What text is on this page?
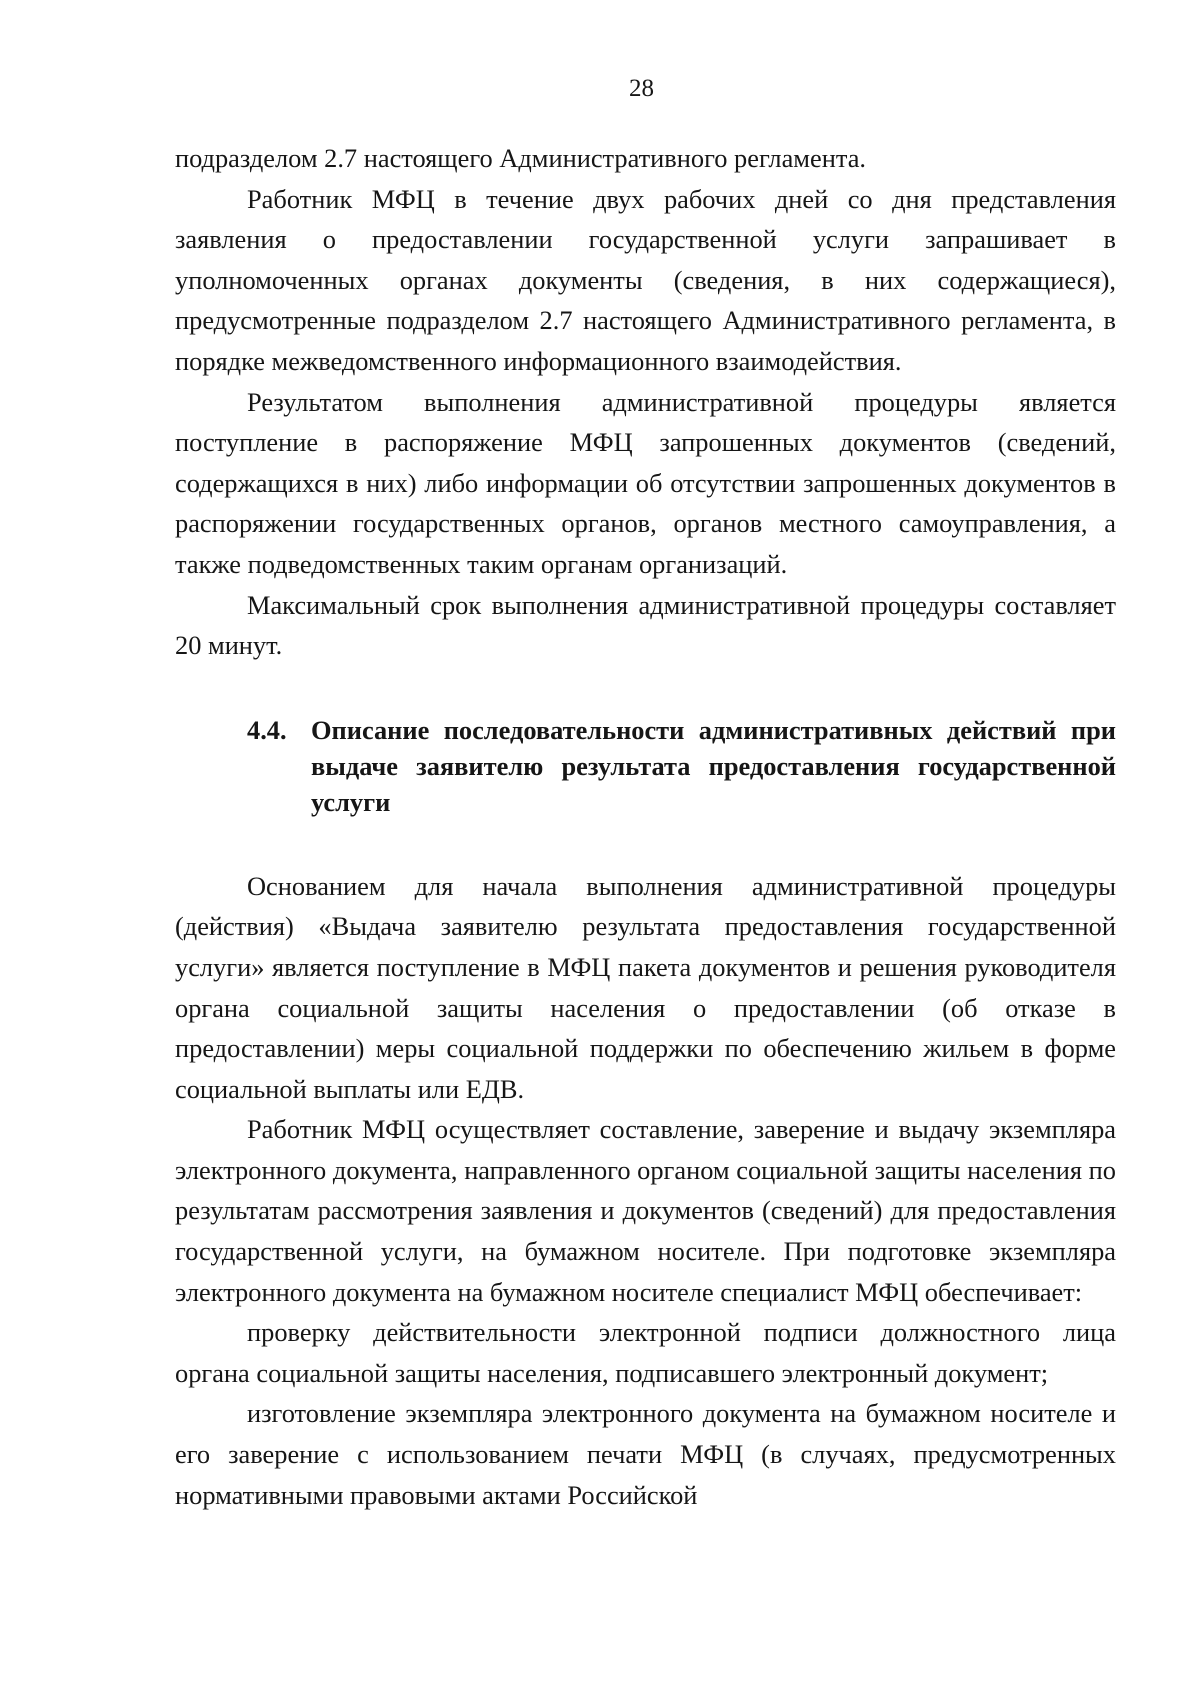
28

подразделом 2.7 настоящего Административного регламента.

Работник МФЦ в течение двух рабочих дней со дня представления заявления о предоставлении государственной услуги запрашивает в уполномоченных органах документы (сведения, в них содержащиеся), предусмотренные подразделом 2.7 настоящего Административного регламента, в порядке межведомственного информационного взаимодействия.

Результатом выполнения административной процедуры является поступление в распоряжение МФЦ запрошенных документов (сведений, содержащихся в них) либо информации об отсутствии запрошенных документов в распоряжении государственных органов, органов местного самоуправления, а также подведомственных таким органам организаций.

Максимальный срок выполнения административной процедуры составляет 20 минут.

4.4. Описание последовательности административных действий при выдаче заявителю результата предоставления государственной услуги

Основанием для начала выполнения административной процедуры (действия) «Выдача заявителю результата предоставления государственной услуги» является поступление в МФЦ пакета документов и решения руководителя органа социальной защиты населения о предоставлении (об отказе в предоставлении) меры социальной поддержки по обеспечению жильем в форме социальной выплаты или ЕДВ.

Работник МФЦ осуществляет составление, заверение и выдачу экземпляра электронного документа, направленного органом социальной защиты населения по результатам рассмотрения заявления и документов (сведений) для предоставления государственной услуги, на бумажном носителе. При подготовке экземпляра электронного документа на бумажном носителе специалист МФЦ обеспечивает:

проверку действительности электронной подписи должностного лица органа социальной защиты населения, подписавшего электронный документ;

изготовление экземпляра электронного документа на бумажном носителе и его заверение с использованием печати МФЦ (в случаях, предусмотренных нормативными правовыми актами Российской
